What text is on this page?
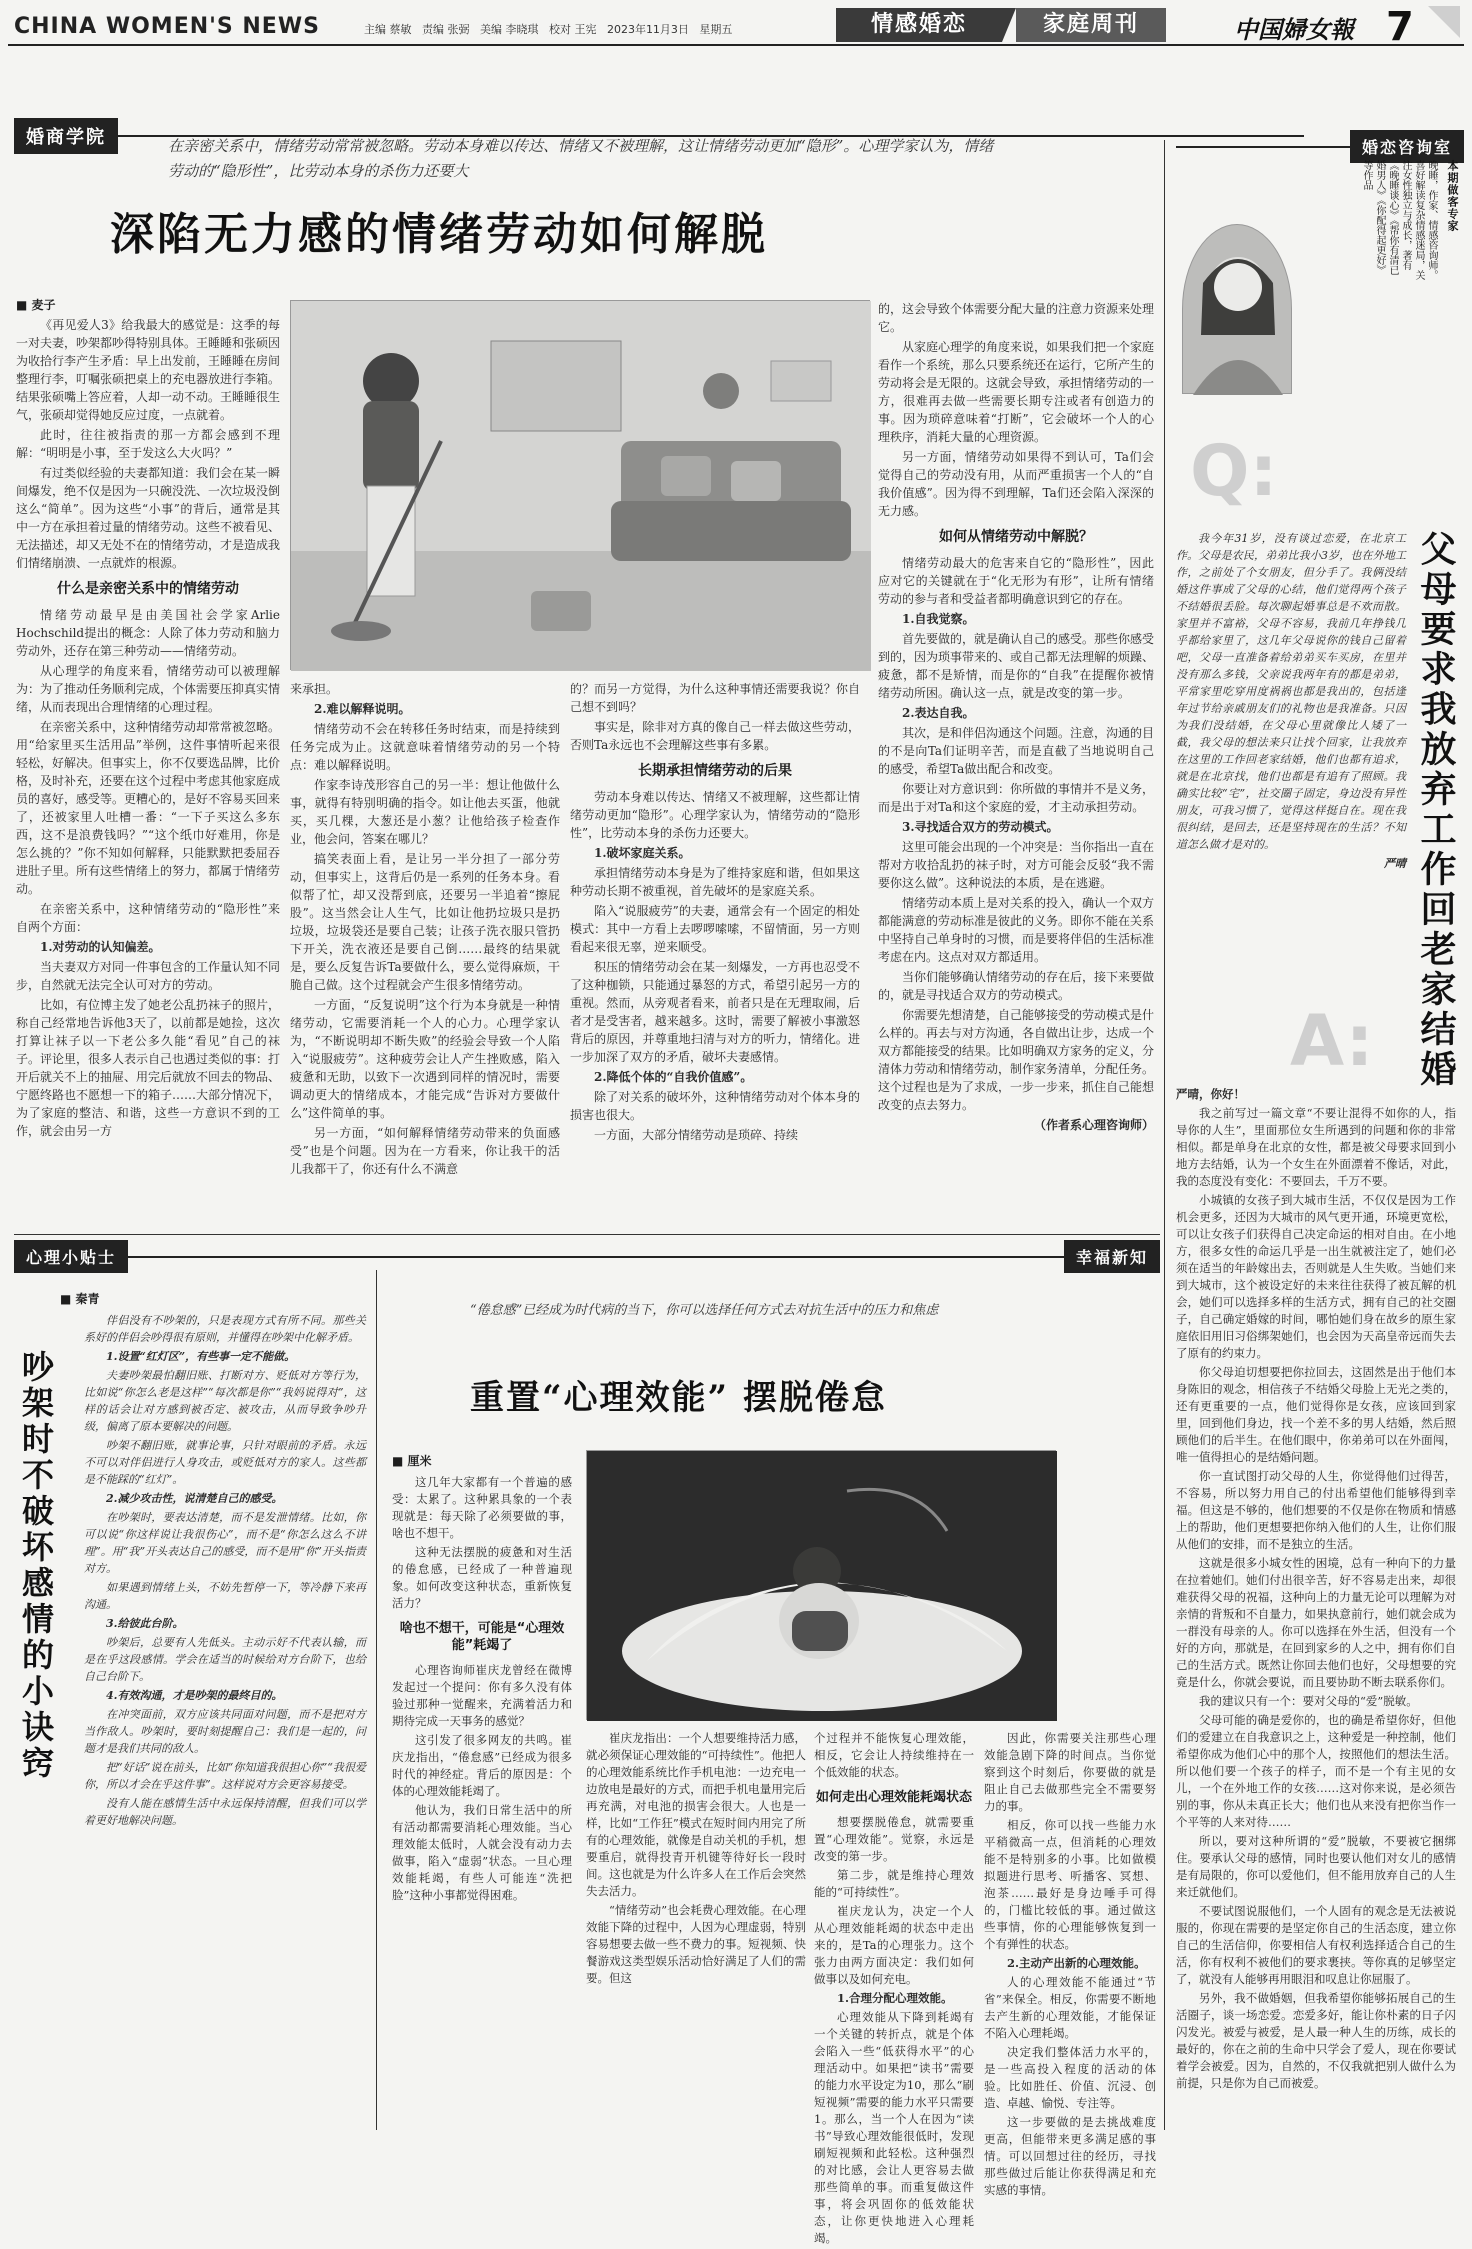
CHINA WOMEN'S NEWS	主编 蔡敏   责编 张弼   美编 李晓琪   校对 王宪   2023年11月3日   星期五	情感婚恋	家庭周刊	中国婦女報 7
婚商学院	在亲密关系中，情绪劳动常常被忽略。劳动本身难以传达、情绪又不被理解，这让情绪劳动更加“隐形”。心理学家认为，情绪劳动的“隐形性”，比劳动本身的杀伤力还要大
深陷无力感的情绪劳动如何解脱
■ 麦子

《再见爱人3》给我最大的感觉是：这季的每一对夫妻，吵架都吵得特别具体。王睡睡和张硕因为收拾行李产生矛盾：早上出发前，王睡睡在房间整理行李，叮嘱张硕把桌上的充电器放进行李箱。结果张硕嘴上答应着，人却一动不动。王睡睡很生气，张硕却觉得她反应过度，一点就着。

此时，往往被指责的那一方都会感到不理解：“明明是小事，至于发这么大火吗？”

有过类似经验的夫妻都知道：我们会在某一瞬间爆发，绝不仅是因为一只碗没洗、一次垃圾没倒这么“简单”。因为这些“小事”的背后，通常是其中一方在承担着过量的情绪劳动。这些不被看见、无法描述，却又无处不在的情绪劳动，才是造成我们情绪崩溃、一点就炸的根源。

什么是亲密关系中的情绪劳动

情绪劳动最早是由美国社会学家Arlie Hochschild提出的概念：人除了体力劳动和脑力劳动外，还存在第三种劳动——情绪劳动。

从心理学的角度来看，情绪劳动可以被理解为：为了推动任务顺利完成，个体需要压抑真实情绪，从而表现出合理情绪的心理过程。

在亲密关系中，这种情绪劳动却常常被忽略。用“给家里买生活用品”举例，这件事情听起来很轻松，好解决。但事实上，你不仅要选品牌，比价格，及时补充，还要在这个过程中考虑其他家庭成员的喜好，感受等。更糟心的，是好不容易买回来了，还被家里人吐槽一番：“一下子买这么多东西，这不是浪费钱吗？”“这个纸巾好难用，你是怎么挑的？”你不知如何解释，只能默默把委屈吞进肚子里。所有这些情绪上的努力，都属于情绪劳动。

在亲密关系中，这种情绪劳动的“隐形性”来自两个方面：

1.对劳动的认知偏差。

当夫妻双方对同一件事包含的工作量认知不同步，自然就无法完全认可对方的劳动。

比如，有位博主发了她老公乱扔袜子的照片，称自己经常地告诉他3天了，以前都是她捡，这次打算让袜子以一下老公多久能“看见”自己的袜子。评论里，很多人表示自己也遇过类似的事：打开后就关不上的抽屉、用完后就放不回去的物品、宁愿终路也不愿想一下的箱子……大部分情况下，为了家庭的整洁、和谐，这些一方意识不到的工作，就会由另一方

来承担。

2.难以解释说明。

情绪劳动不会在转移任务时结束，而是持续到任务完成为止。这就意味着情绪劳动的另一个特点：难以解释说明。

作家李诗茂形容自己的另一半：想让他做什么事，就得有特别明确的指令。如让他去买蛋，他就买，买几棵，大葱还是小葱？让他给孩子检查作业，他会问，答案在哪儿？

搞笑表面上看，是让另一半分担了一部分劳动，但事实上，这背后仍是一系列的任务本身。看似帮了忙，却又没帮到底，还要另一半追着“擦屁股”。这当然会让人生气，比如让他扔垃圾只是扔垃圾，垃圾袋还是要自己装；让孩子洗衣服只管扔下开关，洗衣液还是要自己倒……最终的结果就是，要么反复告诉Ta要做什么，要么觉得麻烦，干脆自己做。这个过程就会产生很多情绪劳动。

一方面，“反复说明”这个行为本身就是一种情绪劳动，它需要消耗一个人的心力。心理学家认为，“不断说明却不断失败”的经验会导致一个人陷入“说服疲劳”。这种疲劳会让人产生挫败感，陷入疲惫和无助，以致下一次遇到同样的情况时，需要调动更大的情绪成本，才能完成“告诉对方要做什么”这件简单的事。

另一方面，“如何解释情绪劳动带来的负面感受”也是个问题。因为在一方看来，你让我干的活儿我都干了，你还有什么不满意

的？而另一方觉得，为什么这种事情还需要我说？你自己想不到吗？

事实是，除非对方真的像自己一样去做这些劳动，否则Ta永远也不会理解这些事有多累。

长期承担情绪劳动的后果

劳动本身难以传达、情绪又不被理解，这些都让情绪劳动更加“隐形”。心理学家认为，情绪劳动的“隐形性”，比劳动本身的杀伤力还要大。

1.破坏家庭关系。

承担情绪劳动本身是为了维持家庭和谐，但如果这种劳动长期不被重视，首先破坏的是家庭关系。

陷入“说服疲劳”的夫妻，通常会有一个固定的相处模式：其中一方看上去啰啰嗦嗦，不留情面，另一方则看起来很无辜，逆来顺受。

积压的情绪劳动会在某一刻爆发，一方再也忍受不了这种枷锁，只能通过暴怒的方式，希望引起另一方的重视。然而，从旁观者看来，前者只是在无理取闹，后者才是受害者，越来越多。这时，需要了解被小事激怒背后的原因，并尊重地扫清与对方的听力，情绪化。进一步加深了双方的矛盾，破坏夫妻感情。

2.降低个体的“自我价值感”。

除了对关系的破坏外，这种情绪劳动对个体本身的损害也很大。

一方面，大部分情绪劳动是琐碎、持续

的，这会导致个体需要分配大量的注意力资源来处理它。

从家庭心理学的角度来说，如果我们把一个家庭看作一个系统，那么只要系统还在运行，它所产生的劳动将会是无限的。这就会导致，承担情绪劳动的一方，很难再去做一些需要长期专注或者有创造力的事。因为琐碎意味着“打断”，它会破坏一个人的心理秩序，消耗大量的心理资源。

另一方面，情绪劳动如果得不到认可，Ta们会觉得自己的劳动没有用，从而严重损害一个人的“自我价值感”。因为得不到理解，Ta们还会陷入深深的无力感。

如何从情绪劳动中解脱？

情绪劳动最大的危害来自它的“隐形性”，因此应对它的关键就在于“化无形为有形”，让所有情绪劳动的参与者和受益者都明确意识到它的存在。

1.自我觉察。

首先要做的，就是确认自己的感受。那些你感受到的，因为琐事带来的、或自己都无法理解的烦躁、疲惫，都不是矫情，而是你的“自我”在提醒你被情绪劳动所困。确认这一点，就是改变的第一步。

2.表达自我。

其次，是和伴侣沟通这个问题。注意，沟通的目的不是向Ta们证明辛苦，而是直截了当地说明自己的感受，希望Ta做出配合和改变。

你要让对方意识到：你所做的事情并不是义务，而是出于对Ta和这个家庭的爱，才主动承担劳动。

3.寻找适合双方的劳动模式。

这里可能会出现的一个冲突是：当你指出一直在帮对方收拾乱扔的袜子时，对方可能会反驳“我不需要你这么做”。这种说法的本质，是在逃避。

情绪劳动本质上是对关系的投入，确认一个双方都能满意的劳动标准是彼此的义务。即你不能在关系中坚持自己单身时的习惯，而是要将伴侣的生活标准考虑在内。这点对双方都适用。

当你们能够确认情绪劳动的存在后，接下来要做的，就是寻找适合双方的劳动模式。

你需要先想清楚，自己能够接受的劳动模式是什么样的。再去与对方沟通，各自做出让步，达成一个双方都能接受的结果。比如明确双方家务的定义，分清体力劳动和情绪劳动，制作家务清单，分配任务。这个过程也是为了求成，一步一步来，抓住自己能想改变的点去努力。

（作者系心理咨询师）
婚恋咨询室
本期做客专家
晚睡，作家、情感咨询师。喜好解读复杂情感迷局，关注女性独立与成长，著有《晚睡谈心》《帮你有清已婚男人》《你配得起更好》等作品
Q:

我今年31岁，没有谈过恋爱，在北京工作。父母是农民，弟弟比我小3岁，也在外地工作，之前处了个女朋友，但分手了。我俩没结婚这件事成了父母的心结，他们觉得两个孩子不结婚很丢脸。每次聊起婚事总是不欢而散。家里并不富裕，父母不容易，我前几年挣钱几乎都给家里了，这几年父母说你的钱自己留着吧，父母一直准备着给弟弟买车买房，在里并没有那么多钱，父亲说我两年有的都是弟弟，平常家里吃穿用度祸祸也都是我出的，包括逢年过节给亲戚朋友们的礼物也是我准备。只因为我们没结婚，在父母心里就像比人矮了一截，我父母的想法来只让找个回家，让我放弃在这里的工作回老家结婚，他们也都有追求，就是在北京找，他们也都是有追有了照顾。我确实比较“宅”，社交圈子固定，身边没有异性朋友，可我习惯了，觉得这样挺自在。现在我很纠结，是回去，还是坚持现在的生活？不知道怎么做才是对的。

严晴 父母要求我放弃工作回老家结婚
A:

严晴，你好！

我之前写过一篇文章“不要让混得不如你的人，指导你的人生”，里面那位女生所遇到的问题和你的非常相似。都是单身在北京的女性，都是被父母要求回到小地方去结婚，认为一个女生在外面漂着不像话，对此，我的态度没有变化：不要回去，千万不要。

小城镇的女孩子到大城市生活，不仅仅是因为工作机会更多，还因为大城市的风气更开通，环境更宽松，可以让女孩子们获得自己决定命运的相对自由。在小地方，很多女性的命运几乎是一出生就被注定了，她们必须在适当的年龄嫁出去，否则就是人生失败。当她们来到大城市，这个被设定好的未来往往获得了被瓦解的机会，她们可以选择多样的生活方式，拥有自己的社交圈子，自己确定婚嫁的时间，哪怕她们身在故乡的原生家庭依旧用旧习俗绑架她们，也会因为天高皇帝远而失去了原有的约束力。

你父母迫切想要把你拉回去，这固然是出于他们本身陈旧的观念，相信孩子不结婚父母脸上无光之类的，还有更重要的一点，他们觉得你是女孩，应该回到家里，回到他们身边，找一个差不多的男人结婚，然后照顾他们的后半生。在他们眼中，你弟弟可以在外面闯，唯一值得担心的是结婚问题。

你一直试图打动父母的人生，你觉得他们过得苦，不容易，所以努力用自己的付出希望他们能够得到幸福。但这是不够的，他们想要的不仅是你在物质和情感上的帮助，他们更想要把你纳入他们的人生，让你们服从他们的安排，而不是独立的生活。

这就是很多小城女性的困境，总有一种向下的力量在拉着她们。她们付出很辛苦，好不容易走出来，却很难获得父母的祝福，这种向上的力量无论可以理解为对亲情的背叛和不自量力，如果执意前行，她们就会成为一群没有母亲的人。你可以选择在外生活，但没有一个好的方向，那就是，在回到家乡的人之中，拥有你们自己的生活方式。既然让你回去他们也好，父母想要的究竟是什么，你就会要说，而且要协助不断去联系你们。

我的建议只有一个：要对父母的“爱”脱敏。

父母可能的确是爱你的，也的确是希望你好，但他们的爱建立在自我意识之上，这种爱是一种控制，他们希望你成为他们心中的那个人，按照他们的想法生活。所以他们要一个孩子的样子，而不是一个有主见的女儿，一个在外地工作的女孩……这对你来说，是必须告别的事，你从未真正长大；他们也从来没有把你当作一个平等的人来对待……

所以，要对这种所谓的“爱”脱敏，不要被它捆绑住。要承认父母的感情，同时也要认他们对女儿的感情是有局限的，你可以爱他们，但不能用放弃自己的人生来迁就他们。

不要试图说服他们，一个人固有的观念是无法被说服的，你现在需要的是坚定你自己的生活态度，建立你自己的生活信仰，你要相信人有权利选择适合自己的生活，你有权利不被他们的要求裹挟。等你真的足够坚定了，就没有人能够再用眼泪和叹息让你屈服了。

另外，我不做婚姻，但我希望你能够拓展自己的生活圈子，谈一场恋爱。恋爱多好，能让你朴素的日子闪闪发光。被爱与被爱，是人最一种人生的历练，成长的最好的，你在之前的生命中只学会了爱人，现在你要试着学会被爱。因为，自然的，不仅我就把别人做什么为前提，只是你为自己而被爱。

心理小贴士
■ 秦青
吵架时不破坏感情的小诀窍

伴侣没有不吵架的，只是表现方式有所不同。那些关系好的伴侣会吵得很有原则，并懂得在吵架中化解矛盾。

1.设置“红灯区”，有些事一定不能做。

夫妻吵架最怕翻旧账、打断对方、贬低对方等行为，比如说“你怎么老是这样”“每次都是你”“我妈说得对”，这样的话会让对方感到被否定、被攻击，从而导致争吵升级，偏离了原本要解决的问题。

吵架不翻旧账，就事论事，只针对眼前的矛盾。永远不可以对伴侣进行人身攻击，或贬低对方的家人。这些都是不能踩的“红灯”。

2.减少攻击性，说清楚自己的感受。

在吵架时，要表达清楚，而不是发泄情绪。比如，你可以说“你这样说让我很伤心”，而不是“你怎么这么不讲理”。用“我”开头表达自己的感受，而不是用“你”开头指责对方。

如果遇到情绪上头，不妨先暂停一下，等冷静下来再沟通。

3.给彼此台阶。

吵架后，总要有人先低头。主动示好不代表认输，而是在乎这段感情。学会在适当的时候给对方台阶下，也给自己台阶下。

4.有效沟通，才是吵架的最终目的。

在冲突面前，双方应该共同面对问题，而不是把对方当作敌人。吵架时，要时刻提醒自己：我们是一起的，问题才是我们共同的敌人。

把“好话”说在前头，比如“你知道我很担心你”“我很爱你，所以才会在乎这件事”。这样说对方会更容易接受。

没有人能在感情生活中永远保持清醒，但我们可以学着更好地解决问题。

幸福新知
“倦怠感”已经成为时代病的当下，你可以选择任何方式去对抗生活中的压力和焦虑
重置“心理效能” 摆脱倦怠
■ 厘米

这几年大家都有一个普遍的感受：太累了。这种累具象的一个表现就是：每天除了必须要做的事，啥也不想干。

这种无法摆脱的疲惫和对生活的倦怠感，已经成了一种普遍现象。如何改变这种状态，重新恢复活力？

啥也不想干，可能是“心理效能”耗竭了

心理咨询师崔庆龙曾经在微博发起过一个提问：你有多久没有体验过那种一觉醒来，充满着活力和期待完成一天事务的感觉？

这引发了很多网友的共鸣。崔庆龙指出，“倦怠感”已经成为很多时代的神经症。背后的原因是：个体的心理效能耗竭了。

他认为，我们日常生活中的所有活动都需要消耗心理效能。当心理效能太低时，人就会没有动力去做事，陷入“虚弱”状态。一旦心理效能耗竭，有些人可能连“洗把脸”这种小事都觉得困难。

崔庆龙指出：一个人想要维持活力感，就必须保证心理效能的“可持续性”。他把人的心理效能系统比作手机电池：一边充电一边放电是最好的方式，而把手机电量用完后再充满，对电池的损害会很大。人也是一样，比如“工作狂”模式在短时间内用完了所有的心理效能，就像是自动关机的手机，想要重启，就得投青开机键等待好长一段时间。这也就是为什么许多人在工作后会突然失去活力。

“情绪劳动”也会耗费心理效能。在心理效能下降的过程中，人因为心理虚弱，特别容易想要去做一些不费力的事。短视频、快餐游戏这类型娱乐活动恰好满足了人们的需要。但这

个过程并不能恢复心理效能，相反，它会让人持续维持在一个低效能的状态。

如何走出心理效能耗竭状态

想要摆脱倦怠，就需要重置“心理效能”。觉察，永远是改变的第一步。

第二步，就是维持心理效能的“可持续性”。

崔庆龙认为，决定一个人从心理效能耗竭的状态中走出来的，是Ta的心理张力。这个张力由两方面决定：我们如何做事以及如何充电。

1.合理分配心理效能。

心理效能从下降到耗竭有一个关键的转折点，就是个体会陷入一些“低获得水平”的心理活动中。如果把“读书”需要的能力水平设定为10，那么“刷短视频”需要的能力水平只需要1。那么，当一个人在因为“读书”导致心理效能很低时，发现刷短视频和此轻松。这种强烈的对比感，会让人更容易去做那些简单的事。而重复做这件事，将会巩固你的低效能状态，让你更快地进入心理耗竭。

因此，你需要关注那些心理效能急剧下降的时间点。当你觉察到这个时刻后，你要做的就是阻止自己去做那些完全不需要努力的事。

相反，你可以找一些能力水平稍微高一点，但消耗的心理效能不是特别多的小事。比如做模拟题进行思考、听播客、冥想、泡茶……最好是身边唾手可得的，门槛比较低的事。通过做这些事情，你的心理能够恢复到一个有弹性的状态。

2.主动产出新的心理效能。

人的心理效能不能通过“节省”来保全。相反，你需要不断地去产生新的心理效能，才能保证不陷入心理耗竭。

决定我们整体活力水平的，是一些高投入程度的活动的体验。比如胜任、价值、沉浸、创造、卓越、愉悦、专注等。

这一步要做的是去挑战难度更高，但能带来更多满足感的事情。可以回想过往的经历，寻找那些做过后能让你获得满足和充实感的事情。
